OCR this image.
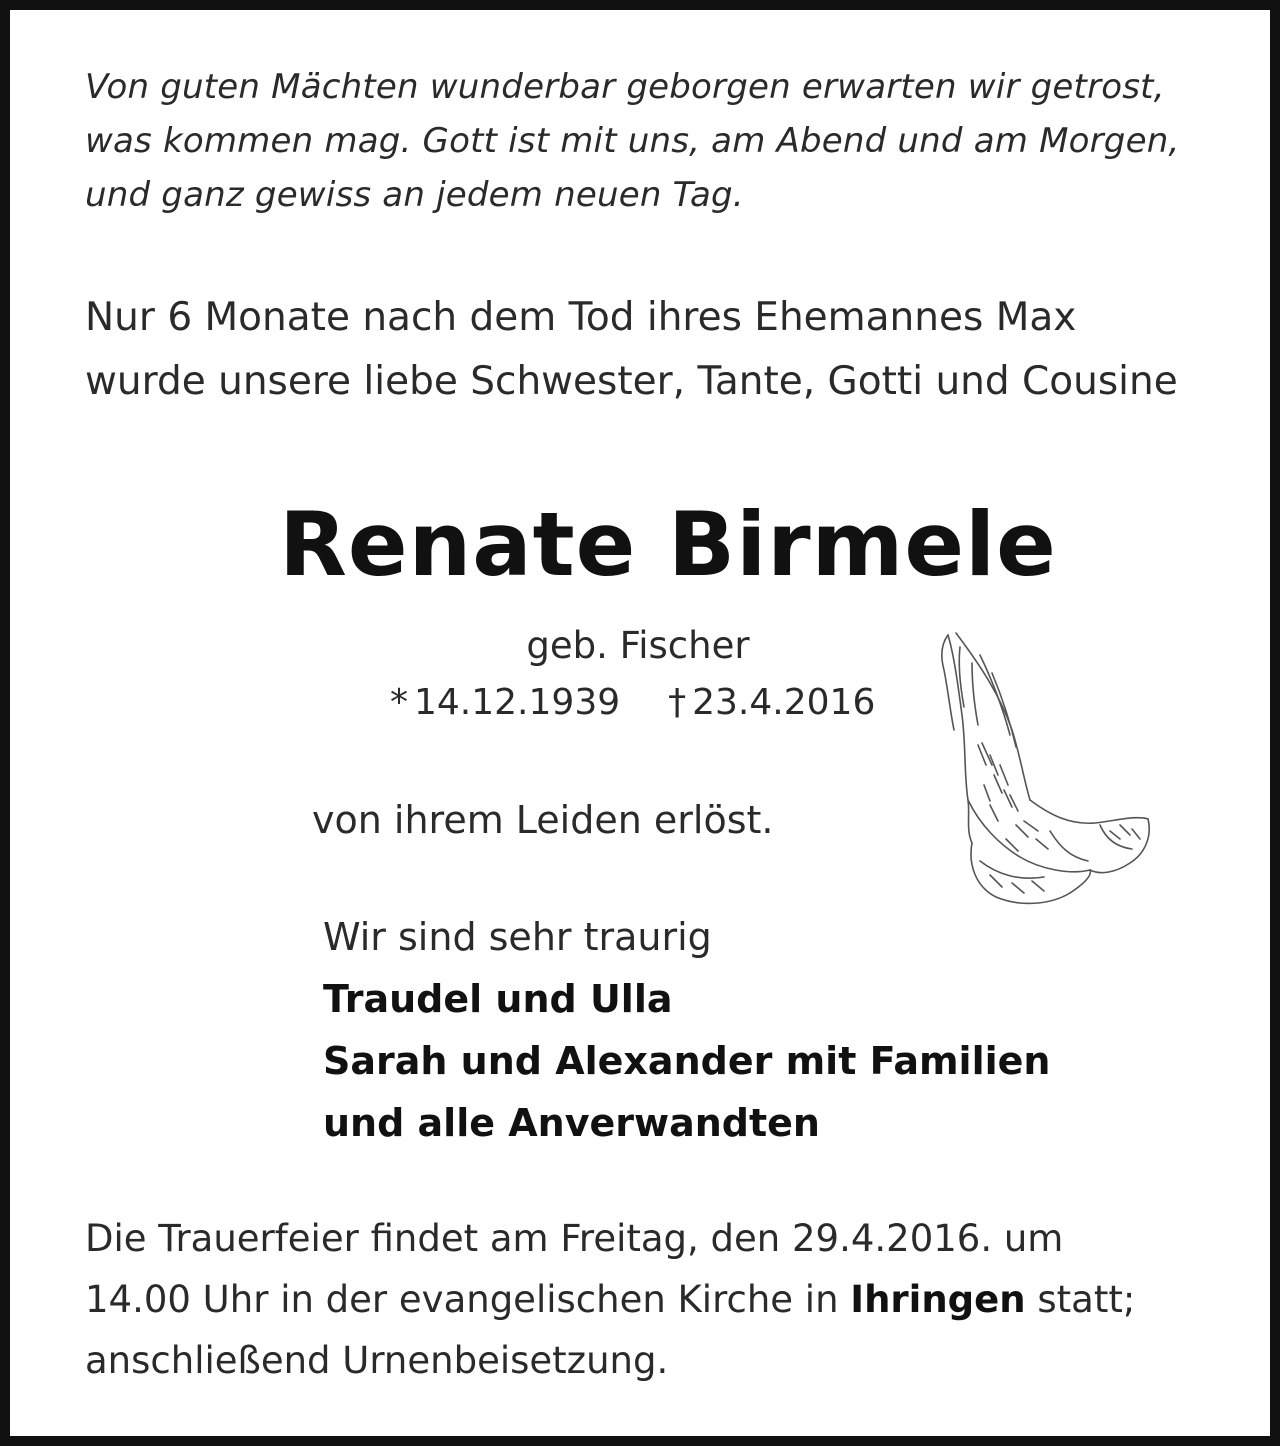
Von guten Mächten wunderbar geborgen erwarten wir getrost,
was kommen mag. Gott ist mit uns, am Abend und am Morgen,
und ganz gewiss an jedem neuen Tag.
Nur 6 Monate nach dem Tod ihres Ehemannes Max
wurde unsere liebe Schwester, Tante, Gotti und Cousine
Renate Birmele
geb. Fischer
* 14.12.1939 † 23.4.2016
von ihrem Leiden erlöst.
Wir sind sehr traurig
Traudel und Ulla
Sarah und Alexander mit Familien
und alle Anverwandten
Die Trauerfeier findet am Freitag, den 29.4.2016. um
14.00 Uhr in der evangelischen Kirche in Ihringen statt;
anschließend Urnenbeisetzung.
